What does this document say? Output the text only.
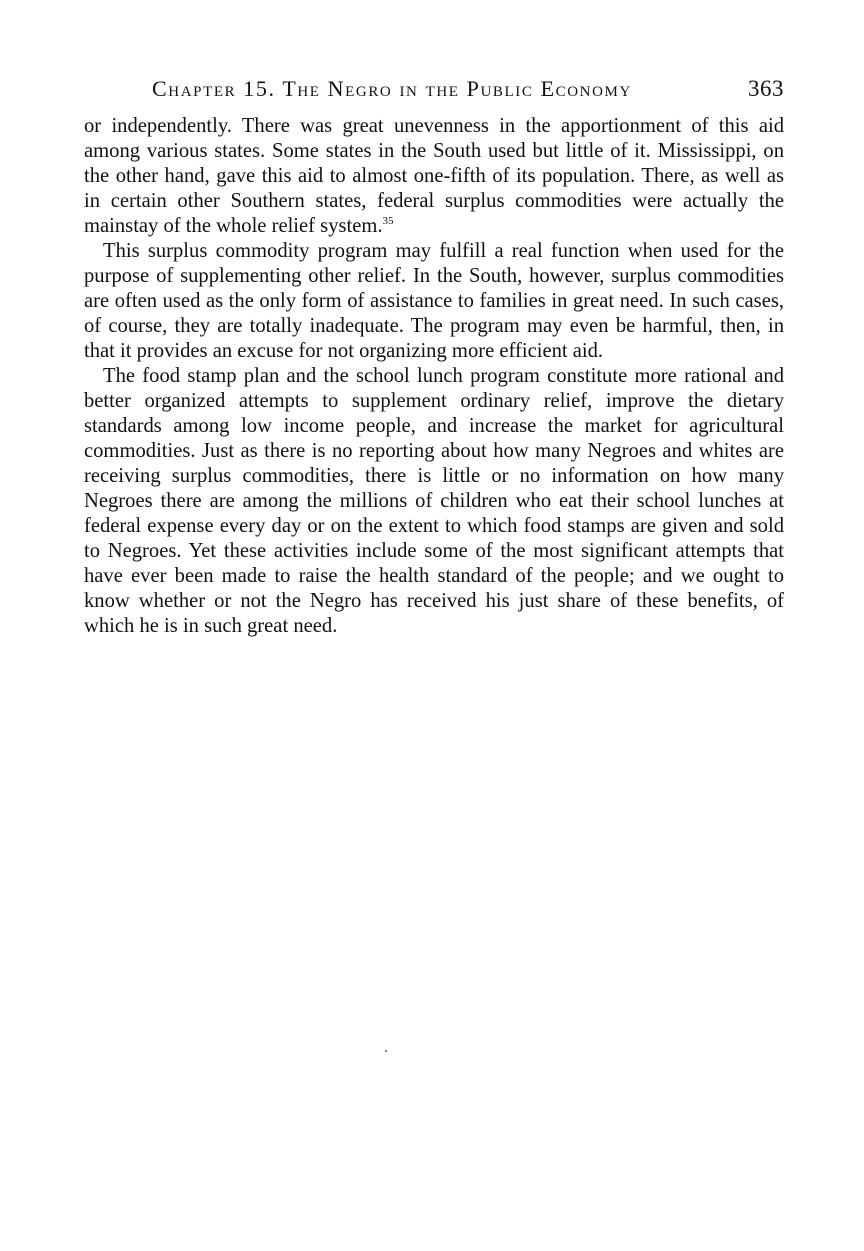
Chapter 15. The Negro in the Public Economy	363

or independently. There was great unevenness in the apportionment of this aid among various states. Some states in the South used but little of it. Mississippi, on the other hand, gave this aid to almost one-fifth of its population. There, as well as in certain other Southern states, federal surplus commodities were actually the mainstay of the whole relief system.$^{35}$

This surplus commodity program may fulfill a real function when used for the purpose of supplementing other relief. In the South, however, surplus commodities are often used as the only form of assistance to families in great need. In such cases, of course, they are totally inadequate. The program may even be harmful, then, in that it provides an excuse for not organizing more efficient aid.

The food stamp plan and the school lunch program constitute more rational and better organized attempts to supplement ordinary relief, improve the dietary standards among low income people, and increase the market for agricultural commodities. Just as there is no reporting about how many Negroes and whites are receiving surplus commodities, there is little or no information on how many Negroes there are among the millions of children who eat their school lunches at federal expense every day or on the extent to which food stamps are given and sold to Negroes. Yet these activities include some of the most significant attempts that have ever been made to raise the health standard of the people; and we ought to know whether or not the Negro has received his just share of these benefits, of which he is in such great need.
